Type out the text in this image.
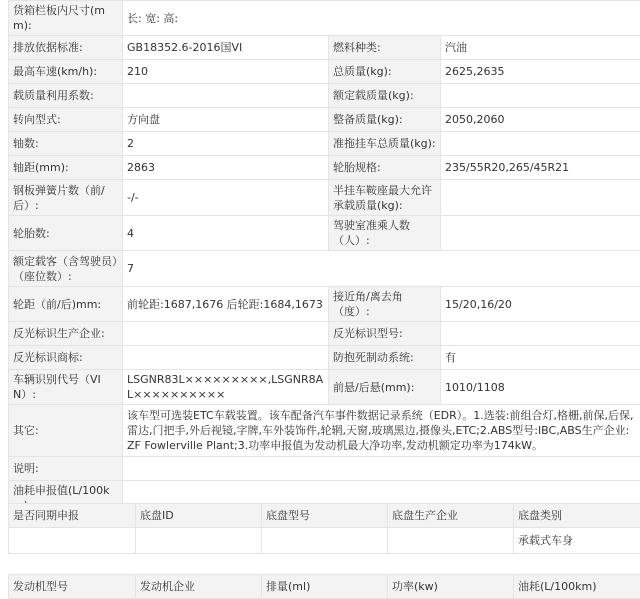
货箱栏板内尺寸(mm):	长: 宽: 高:		
排放依据标准:	GB18352.6-2016国VI	燃料种类:	汽油
最高车速(km/h):	210	总质量(kg):	2625,2635
载质量利用系数:		额定载质量(kg):	
转向型式:	方向盘	整备质量(kg):	2050,2060
轴数:	2	准拖挂车总质量(kg):	
轴距(mm):	2863	轮胎规格:	235/55R20,265/45R21
钢板弹簧片数（前/后）:	-/-	半挂车鞍座最大允许承载质量(kg):	
轮胎数:	4	驾驶室准乘人数（人）:	
额定载客（含驾驶员）（座位数）:	7		
轮距（前/后)mm:	前轮距:1687,1676 后轮距:1684,1673	接近角/离去角（度）:	15/20,16/20
反光标识生产企业:		反光标识型号:	
反光标识商标:		防抱死制动系统:	有
车辆识别代号（VIN）:	LSGNR83L×××××××××,LSGNR8AL××××××××××	前悬/后悬(mm):	1010/1108
其它:	该车型可选装ETC车载装置。该车配备汽车事件数据记录系统（EDR）。1.选装:前组合灯,格栅,前保,后保,雷达,门把手,外后视镜,字牌,车外装饰件,轮辋,天窗,玻璃黑边,摄像头,ETC;2.ABS型号:IBC,ABS生产企业:ZF Fowlerville Plant;3.功率申报值为发动机最大净功率,发动机额定功率为174kW。		
说明:			
油耗申报值(L/100k			
是否同期申报	底盘ID	底盘型号	底盘生产企业	底盘类别
				承载式车身
发动机型号	发动机企业	排量(ml)	功率(kw)	油耗(L/100km)
